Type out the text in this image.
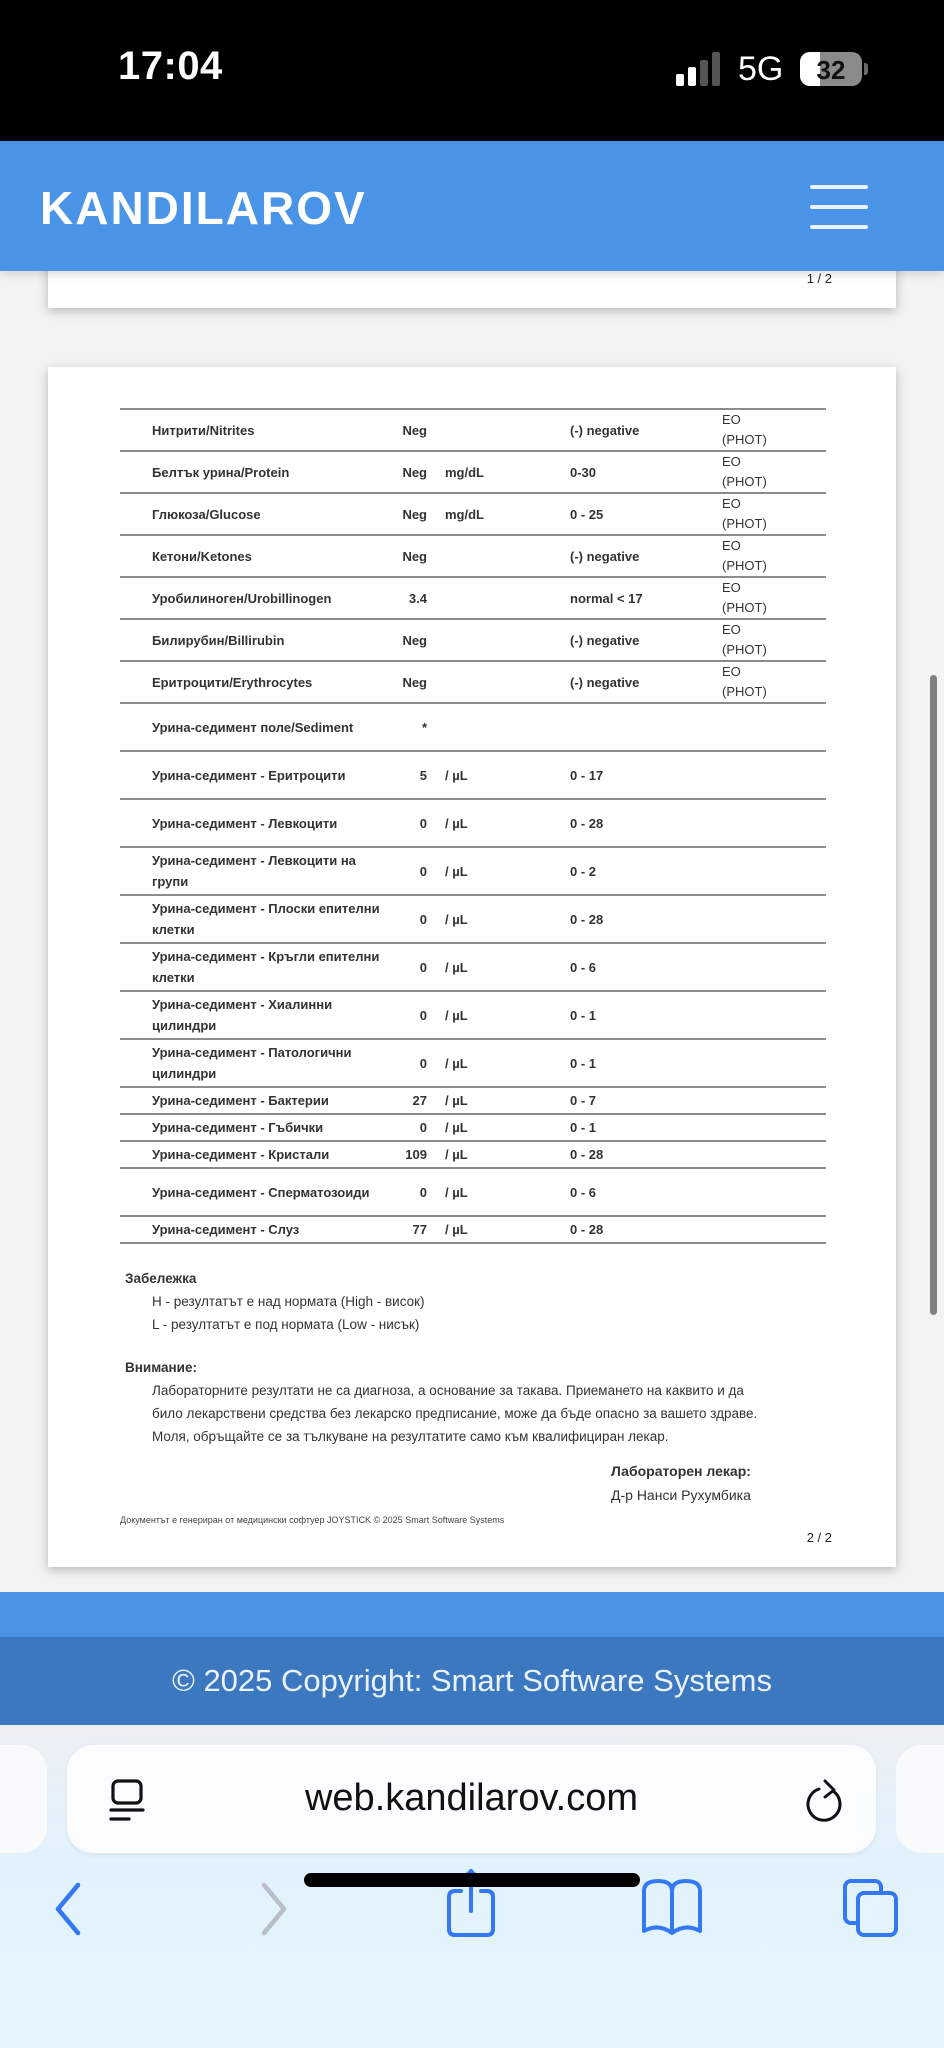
17:04	5G	32
KANDILAROV
1 / 2
Нитрити/Nitrites	Neg		(-) negative	EO
(PHOT)
Белтък урина/Protein	Neg	mg/dL	0-30	EO
(PHOT)
Глюкоза/Glucose	Neg	mg/dL	0 - 25	EO
(PHOT)
Кетони/Ketones	Neg		(-) negative	EO
(PHOT)
Уробилиноген/Urobillinogen	3.4		normal < 17	EO
(PHOT)
Билирубин/Billirubin	Neg		(-) negative	EO
(PHOT)
Еритроцити/Erythrocytes	Neg		(-) negative	EO
(PHOT)
Урина-седимент поле/Sediment	*			
Урина-седимент - Еритроцити	5	/ µL	0 - 17	
Урина-седимент - Левкоцити	0	/ µL	0 - 28	
Урина-седимент - Левкоцити на групи	0	/ µL	0 - 2	
Урина-седимент - Плоски епителни клетки	0	/ µL	0 - 28	
Урина-седимент - Кръгли епителни клетки	0	/ µL	0 - 6	
Урина-седимент - Хиалинни цилиндри	0	/ µL	0 - 1	
Урина-седимент - Патологични цилиндри	0	/ µL	0 - 1	
Урина-седимент - Бактерии	27	/ µL	0 - 7	
Урина-седимент - Гъбички	0	/ µL	0 - 1	
Урина-седимент - Кристали	109	/ µL	0 - 28	
Урина-седимент - Сперматозоиди	0	/ µL	0 - 6	
Урина-седимент - Слуз	77	/ µL	0 - 28	
Забележка
H - резултатът е над нормата (High - висок)
L - резултатът е под нормата (Low - нисък)
Внимание:
Лабораторните резултати не са диагноза, а основание за такава. Приемането на каквито и да
било лекарствени средства без лекарско предписание, може да бъде опасно за вашето здраве.
Моля, обръщайте се за тълкуване на резултатите само към квалифициран лекар.
Лабораторен лекар:
Д-р Нанси Рухумбика
Документът е генериран от медицински софтуер JOYSTICK © 2025 Smart Software Systems
2 / 2
© 2025 Copyright: Smart Software Systems
web.kandilarov.com
